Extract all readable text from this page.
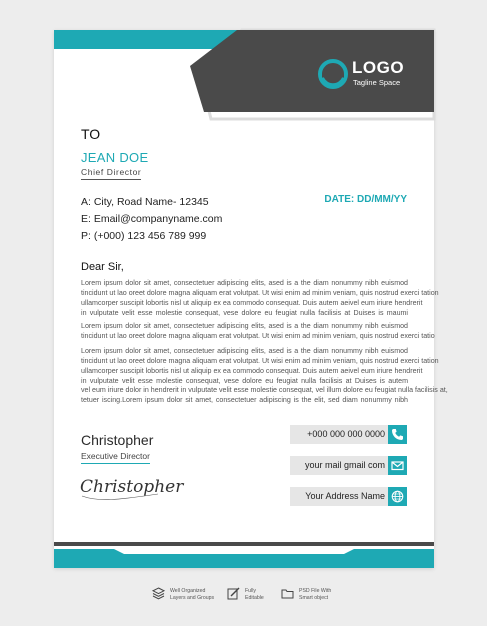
LOGO
Tagline Space
TO
JEAN DOE
Chief Director
A: City, Road Name- 12345
E: Email@companyname.com
P: (+000) 123 456 789 999
DATE: DD/MM/YY
Dear Sir,
Lorem ipsum dolor sit amet, consectetuer adipiscing elits, ased is a the diam nonummy nibh euismod
tincidunt ut lao oreet dolore magna aliquam erat volutpat. Ut wisi enim ad minim veniam, quis nostrud exerci tation
ullamcorper suscipit lobortis nisl ut aliquip ex ea commodo consequat. Duis autem aeivel eum iriure hendrerit
in vulputate velit esse molestie consequat, vese dolore eu feugiat nulla facilisis at Duises is maumi
Lorem ipsum dolor sit amet, consectetuer adipiscing elits, ased is a the diam nonummy nibh euismod
tincidunt ut lao oreet dolore magna aliquam erat volutpat. Ut wisi enim ad minim veniam, quis nostrud exerci tatio
Lorem ipsum dolor sit amet, consectetuer adipiscing elits, ased is a the diam nonummy nibh euismod
tincidunt ut lao oreet dolore magna aliquam erat volutpat. Ut wisi enim ad minim veniam, quis nostrud exerci tation
ullamcorper suscipit lobortis nisl ut aliquip ex ea commodo consequat. Duis autem aeivel eum iriure hendrerit
in vulputate velit esse molestie consequat, vese dolore eu feugiat nulla facilisis at Duises is autem
vel eum iriure dolor in hendrerit in vulputate velit esse molestie consequat, vel illum dolore eu feugiat nulla facilisis at,
tetuer iscing.Lorem ipsum dolor sit amet, consectetuer adipiscing is the elit, sed diam nonummy nibh
Christopher
Executive Director
Christopher
+000 000 000 0000
your mail gmail com
Your Address Name
Well Organized
Layers and Groups
Fully
Editable
PSD File With
Smart object
